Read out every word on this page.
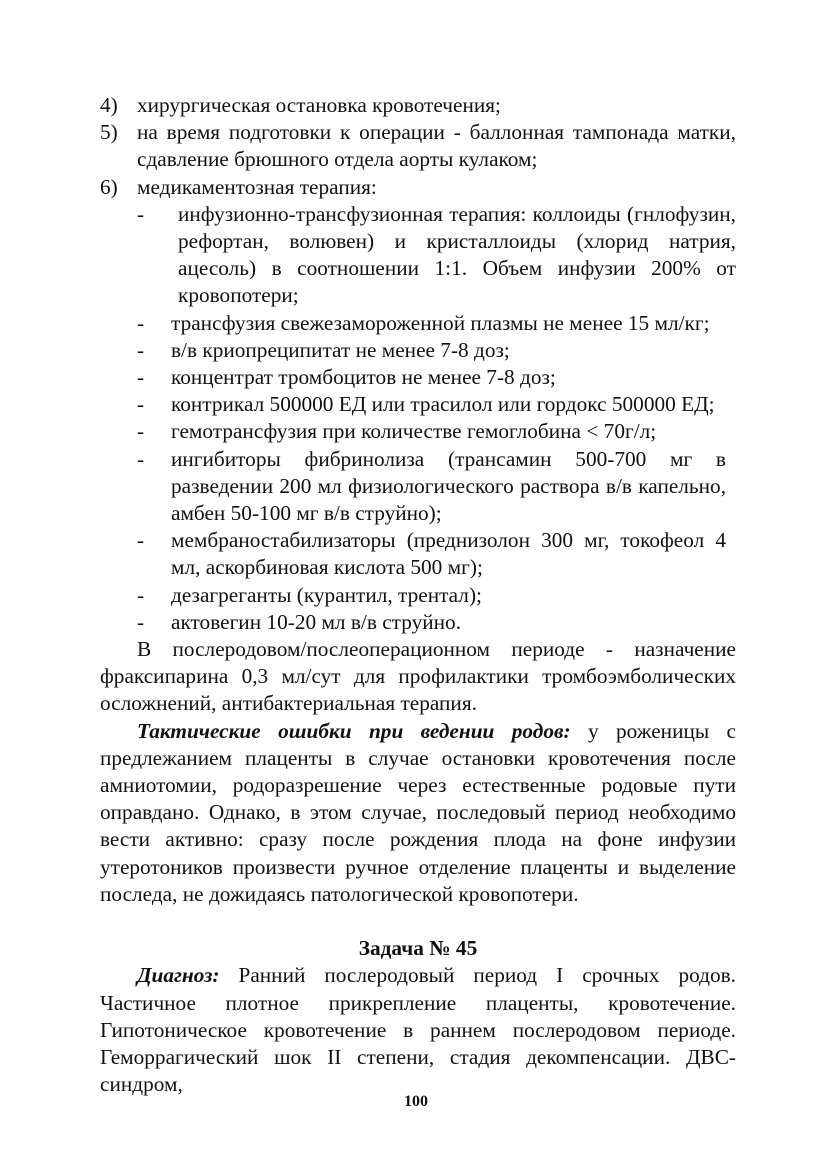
4) хирургическая остановка кровотечения;
5) на время подготовки к операции - баллонная тампонада матки, сдавление брюшного отдела аорты кулаком;
6) медикаментозная терапия:
-	инфузионно-трансфузионная терапия: коллоиды (гнлофузин, рефортан, волювен) и кристаллоиды (хлорид натрия, ацесоль) в соотношении 1:1. Объем инфузии 200% от кровопотери;
-	трансфузия свежезамороженной плазмы не менее 15 мл/кг;
-	в/в криопреципитат не менее 7-8 доз;
-	концентрат тромбоцитов не менее 7-8 доз;
-	контрикал 500000 ЕД или трасилол или гордокс 500000 ЕД;
-	гемотрансфузия при количестве гемоглобина < 70г/л;
-	ингибиторы фибринолиза (трансамин 500-700 мг в разведении 200 мл физиологического раствора в/в капельно, амбен 50-100 мг в/в струйно);
-	мембраностабилизаторы (преднизолон 300 мг, токофеол 4 мл, аскорбиновая кислота 500 мг);
-	дезагреганты (курантил, трентал);
-	актовегин 10-20 мл в/в струйно.

В послеродовом/послеоперационном периоде - назначение фраксипарина 0,3 мл/сут для профилактики тромбоэмболических осложнений, антибактериальная терапия.

Тактические ошибки при ведении родов: у роженицы с предлежанием плаценты в случае остановки кровотечения после амниотомии, родоразрешение через естественные родовые пути оправдано. Однако, в этом случае, последовый период необходимо вести активно: сразу после рождения плода на фоне инфузии утеротоников произвести ручное отделение плаценты и выделение последа, не дожидаясь патологической кровопотери.

Задача № 45

Диагноз: Ранний послеродовый период I срочных родов. Частичное плотное прикрепление плаценты, кровотечение. Гипотоническое кровотечение в раннем послеродовом периоде. Геморрагический шок II степени, стадия декомпенсации. ДВС-синдром,

100
